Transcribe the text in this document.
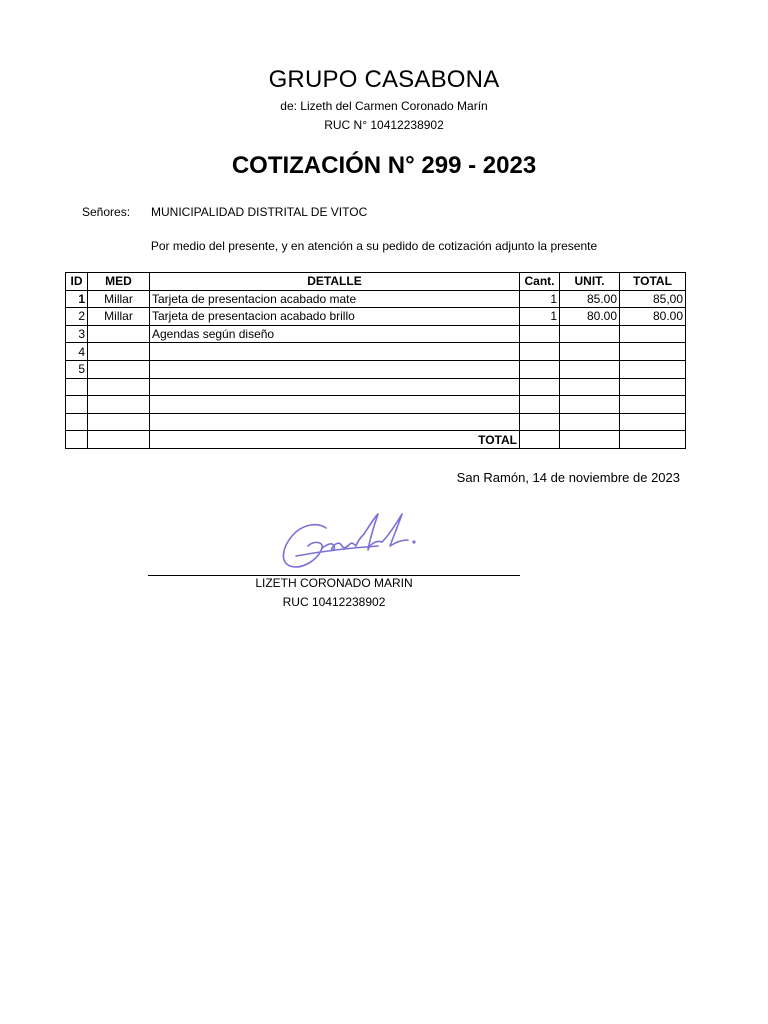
GRUPO CASABONA
de: Lizeth del Carmen Coronado Marín
RUC N° 10412238902
COTIZACIÓN N° 299 - 2023
Señores: MUNICIPALIDAD DISTRITAL DE VITOC
Por medio del presente, y en atención a su pedido de cotización adjunto la presente
ID	MED	DETALLE	Cant.	UNIT.	TOTAL
1	Millar	Tarjeta de presentacion acabado mate	1	85.00	85,00
2	Millar	Tarjeta de presentacion acabado brillo	1	80.00	80.00
3		Agendas según diseño			
4					
5					

		TOTAL			
San Ramón, 14 de noviembre de 2023
LIZETH CORONADO MARIN
RUC 10412238902
